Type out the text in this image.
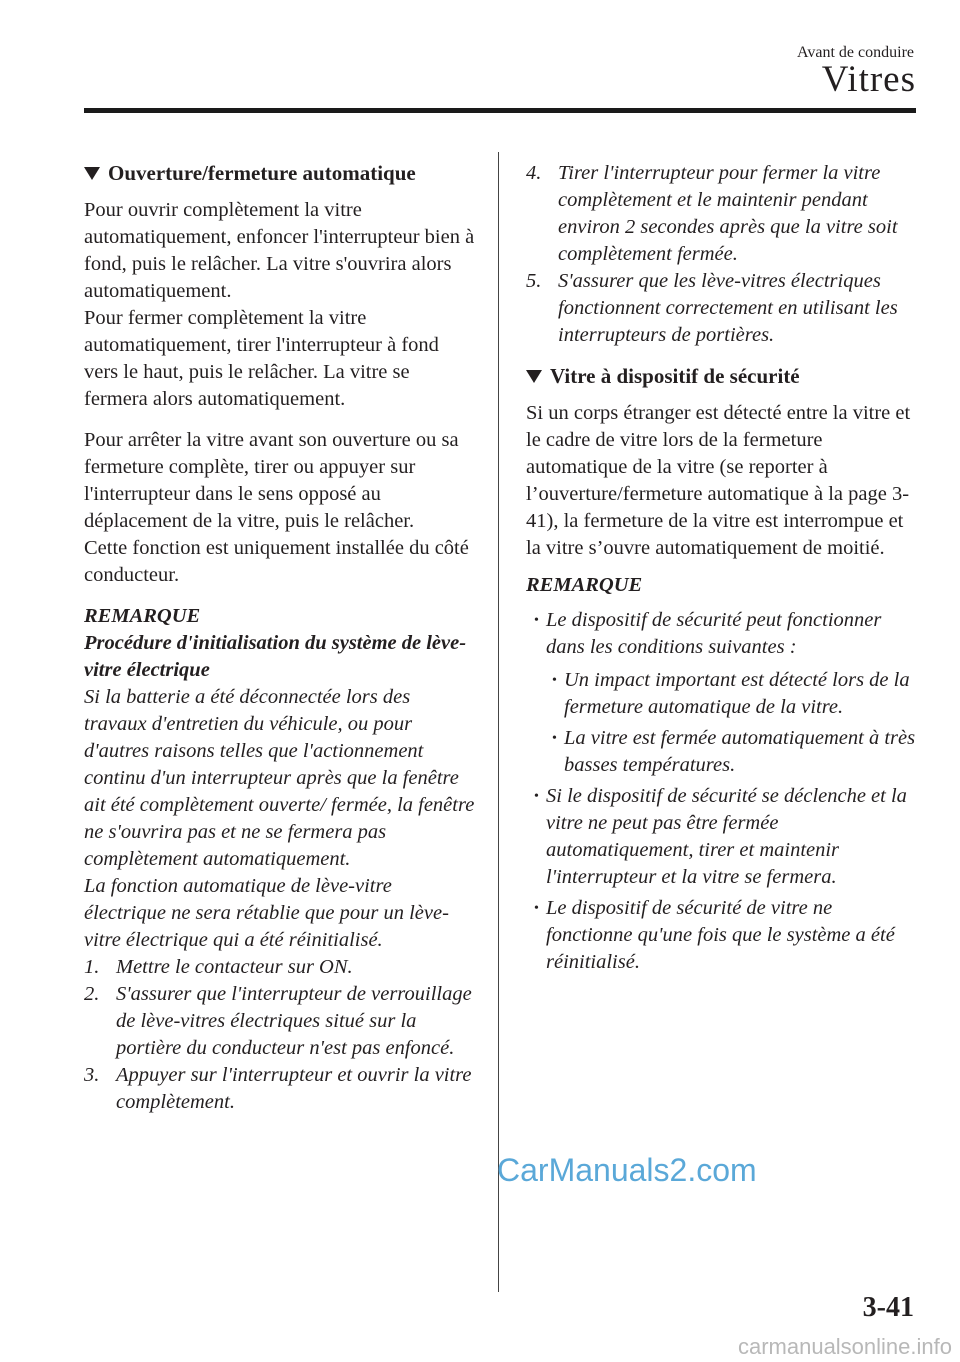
Avant de conduire
Vitres
Ouverture/fermeture automatique

Pour ouvrir complètement la vitre automatiquement, enfoncer l'interrupteur bien à fond, puis le relâcher. La vitre s'ouvrira alors automatiquement.

Pour fermer complètement la vitre automatiquement, tirer l'interrupteur à fond vers le haut, puis le relâcher. La vitre se fermera alors automatiquement.

Pour arrêter la vitre avant son ouverture ou sa fermeture complète, tirer ou appuyer sur l'interrupteur dans le sens opposé au déplacement de la vitre, puis le relâcher.

Cette fonction est uniquement installée du côté conducteur.

REMARQUE

Procédure d'initialisation du système de lève-vitre électrique

Si la batterie a été déconnectée lors des travaux d'entretien du véhicule, ou pour d'autres raisons telles que l'actionnement continu d'un interrupteur après que la fenêtre ait été complètement ouverte/ fermée, la fenêtre ne s'ouvrira pas et ne se fermera pas complètement automatiquement.

La fonction automatique de lève-vitre électrique ne sera rétablie que pour un lève-vitre électrique qui a été réinitialisé.

1. Mettre le contacteur sur ON.
2. S'assurer que l'interrupteur de verrouillage de lève-vitres électriques situé sur la portière du conducteur n'est pas enfoncé.
3. Appuyer sur l'interrupteur et ouvrir la vitre complètement.
4. Tirer l'interrupteur pour fermer la vitre complètement et le maintenir pendant environ 2 secondes après que la vitre soit complètement fermée.
5. S'assurer que les lève-vitres électriques fonctionnent correctement en utilisant les interrupteurs de portières.
Vitre à dispositif de sécurité

Si un corps étranger est détecté entre la vitre et le cadre de vitre lors de la fermeture automatique de la vitre (se reporter à l’ouverture/fermeture automatique à la page 3-41), la fermeture de la vitre est interrompue et la vitre s’ouvre automatiquement de moitié.

REMARQUE

• Le dispositif de sécurité peut fonctionner dans les conditions suivantes :
• Un impact important est détecté lors de la fermeture automatique de la vitre.
• La vitre est fermée automatiquement à très basses températures.
• Si le dispositif de sécurité se déclenche et la vitre ne peut pas être fermée automatiquement, tirer et maintenir l'interrupteur et la vitre se fermera.
• Le dispositif de sécurité de vitre ne fonctionne qu'une fois que le système a été réinitialisé.
CarManuals2.com
3-41
carmanualsonline.info
